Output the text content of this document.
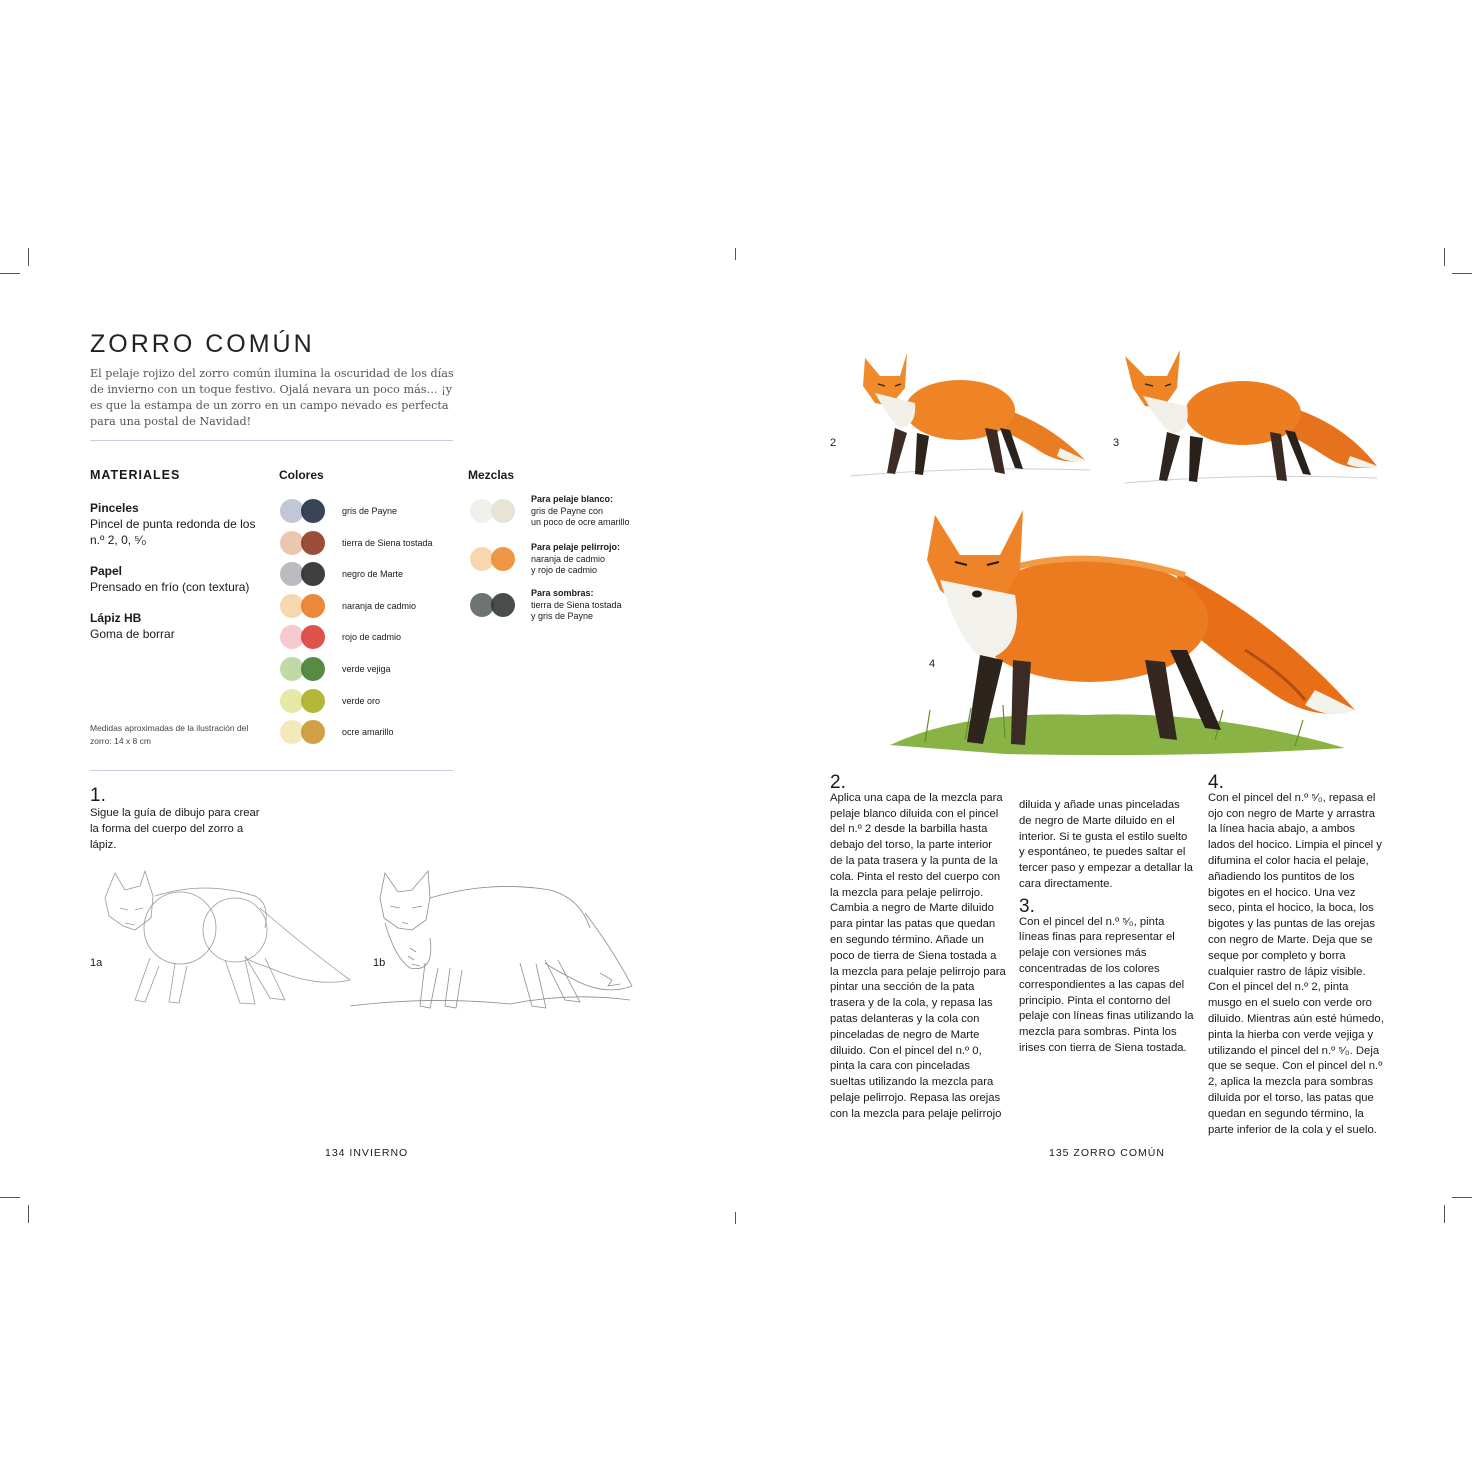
ZORRO COMÚN
El pelaje rojizo del zorro común ilumina la oscuridad de los días de invierno con un toque festivo. Ojalá nevara un poco más… ¡y es que la estampa de un zorro en un campo nevado es perfecta para una postal de Navidad!
MATERIALES	Colores	Mezclas
Pinceles
Pincel de punta redonda de los n.º 2, 0, ⁵⁄₀
Papel
Prensado en frío (con textura)
Lápiz HB
Goma de borrar
gris de Payne
tierra de Siena tostada
negro de Marte
naranja de cadmio
rojo de cadmio
verde vejiga
verde oro
ocre amarillo
Para pelaje blanco:
gris de Payne con
un poco de ocre amarillo
Para pelaje pelirrojo:
naranja de cadmio
y rojo de cadmio
Para sombras:
tierra de Siena tostada
y gris de Payne
Medidas aproximadas de la ilustración del zorro: 14 x 8 cm
1.
Sigue la guía de dibujo para crear la forma del cuerpo del zorro a lápiz.
1a	1b
134 INVIERNO
2	3
4
2.
Aplica una capa de la mezcla para pelaje blanco diluida con el pincel del n.º 2 desde la barbilla hasta debajo del torso, la parte interior de la pata trasera y la punta de la cola. Pinta el resto del cuerpo con la mezcla para pelaje pelirrojo. Cambia a negro de Marte diluido para pintar las patas que quedan en segundo término. Añade un poco de tierra de Siena tostada a la mezcla para pelaje pelirrojo para pintar una sección de la pata trasera y de la cola, y repasa las patas delanteras y la cola con pinceladas de negro de Marte diluido. Con el pincel del n.º 0, pinta la cara con pinceladas sueltas utilizando la mezcla para pelaje pelirrojo. Repasa las orejas con la mezcla para pelaje pelirrojo
diluida y añade unas pinceladas de negro de Marte diluido en el interior. Si te gusta el estilo suelto y espontáneo, te puedes saltar el tercer paso y empezar a detallar la cara directamente.
3.
Con el pincel del n.º ⁵⁄₀, pinta líneas finas para representar el pelaje con versiones más concentradas de los colores correspondientes a las capas del principio. Pinta el contorno del pelaje con líneas finas utilizando la mezcla para sombras. Pinta los irises con tierra de Siena tostada.
4.
Con el pincel del n.º ⁵⁄₀, repasa el ojo con negro de Marte y arrastra la línea hacia abajo, a ambos lados del hocico. Limpia el pincel y difumina el color hacia el pelaje, añadiendo los puntitos de los bigotes en el hocico. Una vez seco, pinta el hocico, la boca, los bigotes y las puntas de las orejas con negro de Marte. Deja que se seque por completo y borra cualquier rastro de lápiz visible. Con el pincel del n.º 2, pinta musgo en el suelo con verde oro diluido. Mientras aún esté húmedo, pinta la hierba con verde vejiga y utilizando el pincel del n.º ⁵⁄₀. Deja que se seque. Con el pincel del n.º 2, aplica la mezcla para sombras diluida por el torso, las patas que quedan en segundo término, la parte inferior de la cola y el suelo.
135 ZORRO COMÚN
